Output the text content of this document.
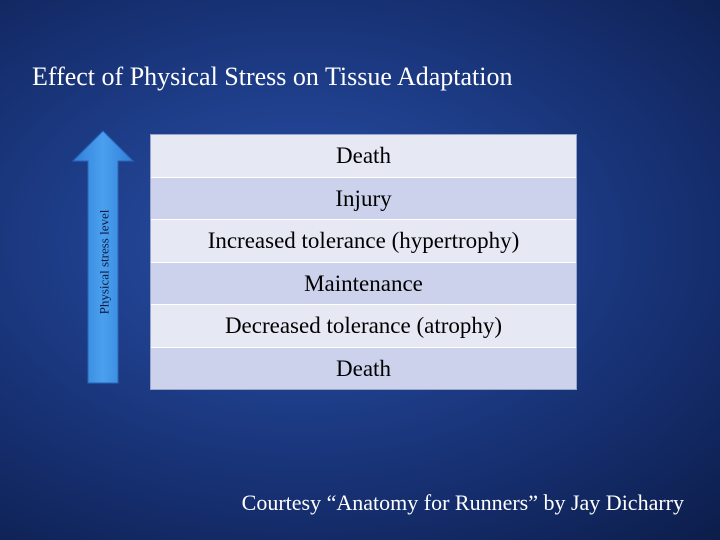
Effect of Physical Stress on Tissue Adaptation
Physical stress level
Death
Injury
Increased tolerance (hypertrophy)
Maintenance
Decreased tolerance (atrophy)
Death
Courtesy “Anatomy for Runners” by Jay Dicharry
